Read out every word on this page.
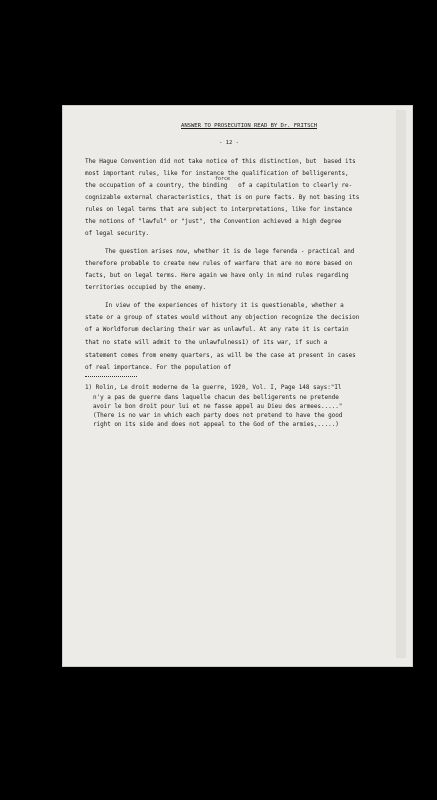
ANSWER TO PROSECUTION READ BY Dr. FRITSCH
- 12 -
The Hague Convention did not take notice of this distinction, but  based its
most important rules, like for instance the qualification of belligerents,
the occupation of a country, the binding   of a capitulation to clearly re-
cognizable external characteristics, that is on pure facts. By not basing its
rules on legal terms that are subject to interpretations, like for instance
the notions of "lawful" or "just", the Convention achieved a high degree
of legal security.
The question arises now, whether it is de lege ferenda - practical and
therefore probable to create new rules of warfare that are no more based on
facts, but on legal terms. Here again we have only in mind rules regarding
territories occupied by the enemy.
In view of the experiences of history it is questionable, whether a
state or a group of states would without any objection recognize the decision
of a Worldforum declaring their war as unlawful. At any rate it is certain
that no state will admit to the unlawfulness1) of its war, if such a
statement comes from enemy quarters, as will be the case at present in cases
of real importance. For the population of
1) Rolin, Le droit moderne de la guerre, 1920, Vol. I, Page 148 says:"Il
n'y a pas de guerre dans laquelle chacun des belligerents ne pretende
avoir le bon droit pour lui et ne fasse appel au Dieu des armees....."
(There is no war in which each party does not pretend to have the good
right on its side and does not appeal to the God of the armies,.....)
force
